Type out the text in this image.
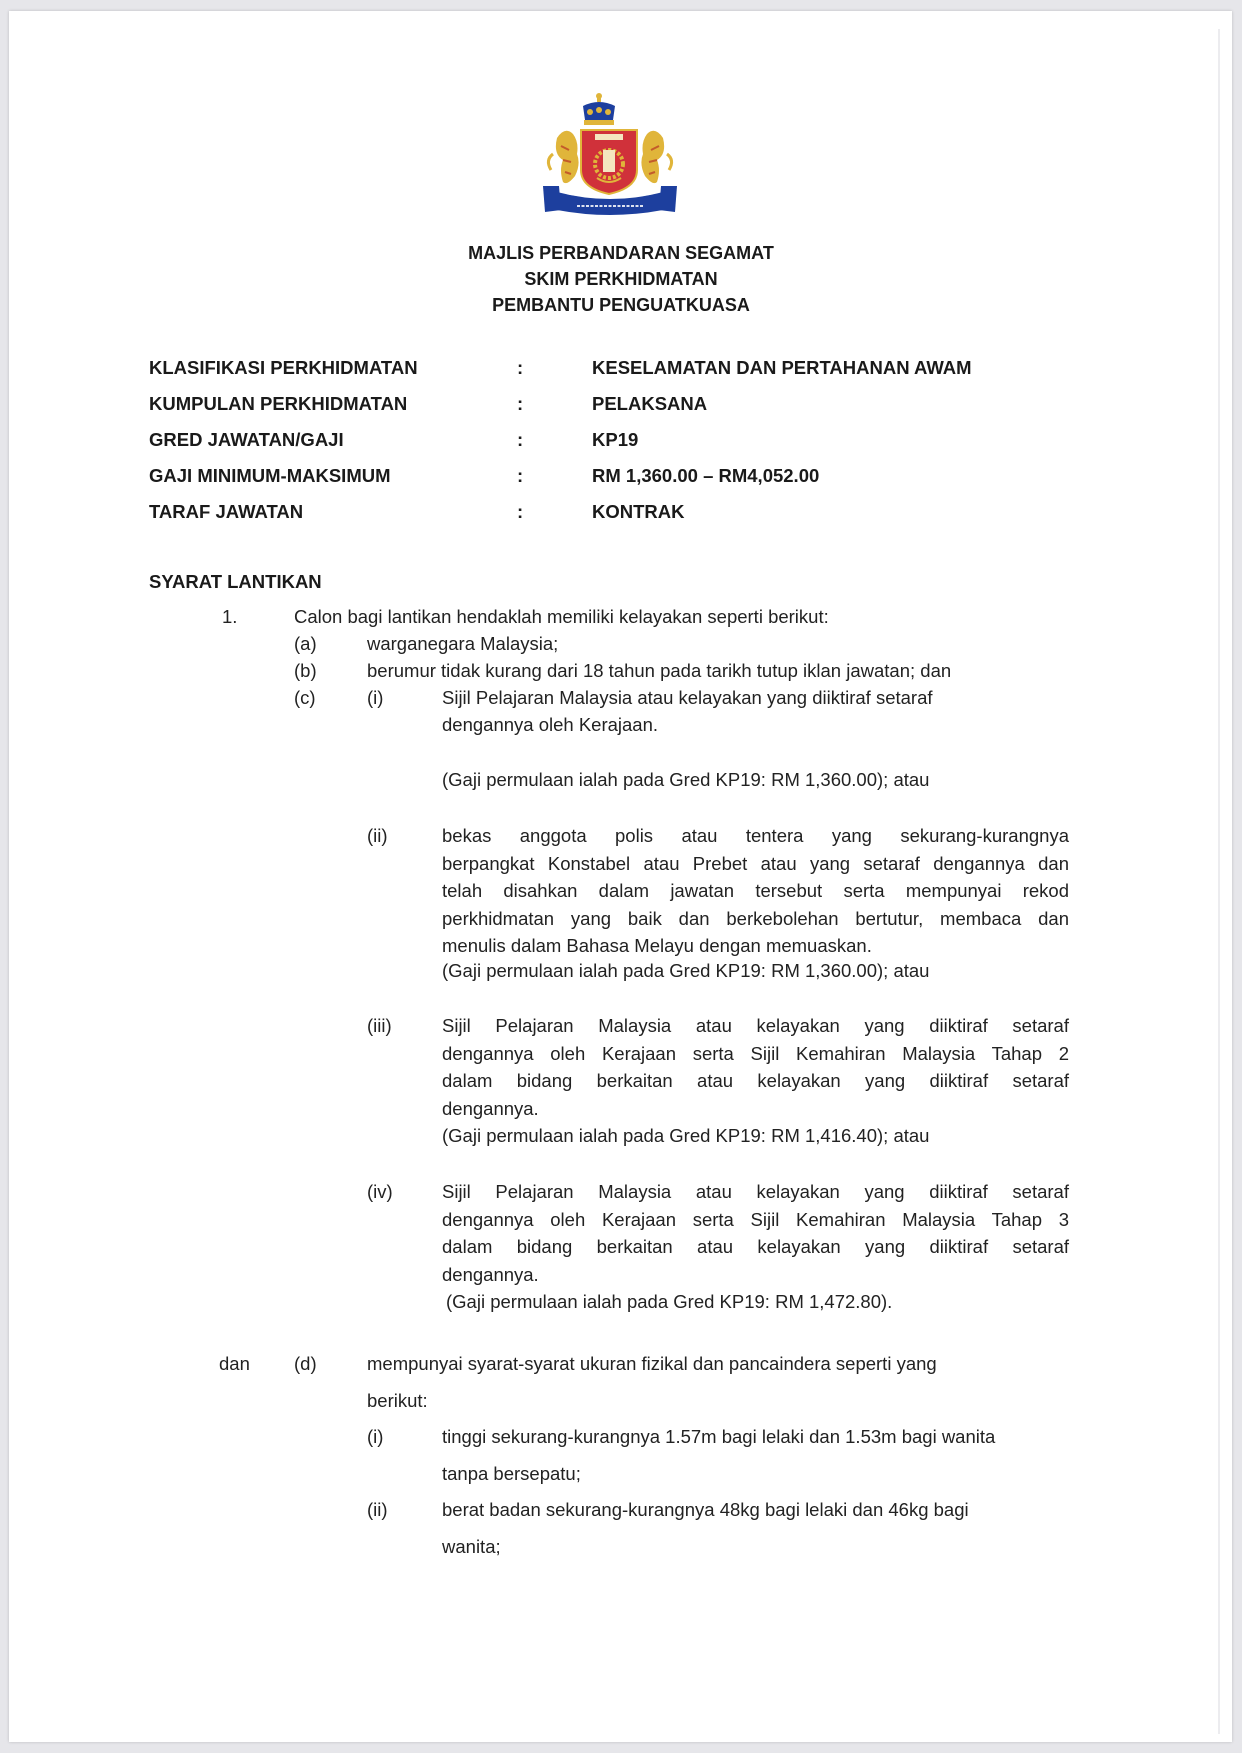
MAJLIS PERBANDARAN SEGAMAT
SKIM PERKHIDMATAN
PEMBANTU PENGUATKUASA
KLASIFIKASI PERKHIDMATAN	:	KESELAMATAN DAN PERTAHANAN AWAM
KUMPULAN PERKHIDMATAN	:	PELAKSANA
GRED JAWATAN/GAJI	:	KP19
GAJI MINIMUM-MAKSIMUM	:	RM 1,360.00 – RM4,052.00
TARAF JAWATAN	:	KONTRAK
SYARAT LANTIKAN
1.	Calon bagi lantikan hendaklah memiliki kelayakan seperti berikut:
(a)	warganegara Malaysia;
(b)	berumur tidak kurang dari 18 tahun pada tarikh tutup iklan jawatan; dan
(c)	(i)	Sijil Pelajaran Malaysia atau kelayakan yang diiktiraf setaraf
dengannya oleh Kerajaan.
(Gaji permulaan ialah pada Gred KP19: RM 1,360.00); atau
(ii)	bekas anggota polis atau tentera yang sekurang-kurangnya
berpangkat Konstabel atau Prebet atau yang setaraf dengannya dan
telah disahkan dalam jawatan tersebut serta mempunyai rekod
perkhidmatan yang baik dan berkebolehan bertutur, membaca dan
menulis dalam Bahasa Melayu dengan memuaskan.
(Gaji permulaan ialah pada Gred KP19: RM 1,360.00); atau
(iii)	Sijil Pelajaran Malaysia atau kelayakan yang diiktiraf setaraf
dengannya oleh Kerajaan serta Sijil Kemahiran Malaysia Tahap 2
dalam bidang berkaitan atau kelayakan yang diiktiraf setaraf
dengannya.
(Gaji permulaan ialah pada Gred KP19: RM 1,416.40); atau
(iv)	Sijil Pelajaran Malaysia atau kelayakan yang diiktiraf setaraf
dengannya oleh Kerajaan serta Sijil Kemahiran Malaysia Tahap 3
dalam bidang berkaitan atau kelayakan yang diiktiraf setaraf
dengannya.
(Gaji permulaan ialah pada Gred KP19: RM 1,472.80).
dan (d)	mempunyai syarat-syarat ukuran fizikal dan pancaindera seperti yang
berikut:
(i)	tinggi sekurang-kurangnya 1.57m bagi lelaki dan 1.53m bagi wanita
tanpa bersepatu;
(ii)	berat badan sekurang-kurangnya 48kg bagi lelaki dan 46kg bagi
wanita;
